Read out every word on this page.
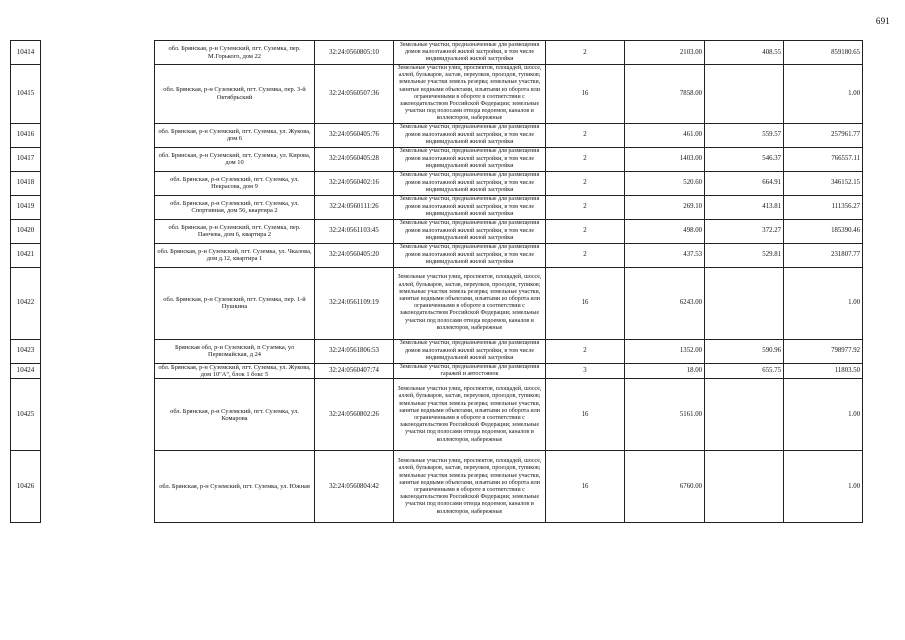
691
10414		обл. Брянская, р-н Суземский, пгт. Суземка, пер. М.Горького, дом 22	32:24:0560805:10	Земельные участки, предназначенные для размещения домов малоэтажной жилой застройки, в том числе индивидуальной жилой застройки	2	2103.00	408.55	859180.65
10415		обл. Брянская, р-н Суземский, пгт. Суземка, пер. 3-й Октябрьский	32:24:0560507:36	Земельные участки улиц, проспектов, площадей, шоссе, аллей, бульваров, застав, переулков, проездов, тупиков; земельные участки земель резерва; земельные участки, занятые водными объектами, изъятыми из оборота или ограниченными в обороте в соответствии с законодательством Российской Федерации; земельные участки под полосами отвода водоемов, каналов и коллекторов, набережные	16	7858.00		1.00
10416		обл. Брянская, р-н Суземский, пгт. Суземка, ул. Жукова, дом 6	32:24:0560405:76	Земельные участки, предназначенные для размещения домов малоэтажной жилой застройки, в том числе индивидуальной жилой застройки	2	461.00	559.57	257961.77
10417		обл. Брянская, р-н Суземский, пгт. Суземка, ул. Кирова, дом 10	32:24:0560405:28	Земельные участки, предназначенные для размещения домов малоэтажной жилой застройки, в том числе индивидуальной жилой застройки	2	1403.00	546.37	766557.11
10418		обл. Брянская, р-н Суземский, пгт. Суземка, ул. Некрасова, дом 9	32:24:0560402:16	Земельные участки, предназначенные для размещения домов малоэтажной жилой застройки, в том числе индивидуальной жилой застройки	2	520.60	664.91	346152.15
10419		обл. Брянская, р-н Суземский, пгт. Суземка, ул. Спортивная, дом 56, квартира 2	32:24:0560111:26	Земельные участки, предназначенные для размещения домов малоэтажной жилой застройки, в том числе индивидуальной жилой застройки	2	269.10	413.81	111356.27
10420		обл. Брянская, р-н Суземский, пгт. Суземка, пер. Панчева, дом 6, квартира 2	32:24:0561103:45	Земельные участки, предназначенные для размещения домов малоэтажной жилой застройки, в том числе индивидуальной жилой застройки	2	498.00	372.27	185390.46
10421		обл. Брянская, р-н Суземский, пгт. Суземка, ул. Чкалова, дом д.12, квартира 1	32:24:0560405:20	Земельные участки, предназначенные для размещения домов малоэтажной жилой застройки, в том числе индивидуальной жилой застройки	2	437.53	529.81	231807.77
10422		обл. Брянская, р-н Суземский, пгт. Суземка, пер. 1-й Пушкина	32:24:0561109:19	Земельные участки улиц, проспектов, площадей, шоссе, аллей, бульваров, застав, переулков, проездов, тупиков; земельные участки земель резерва; земельные участки, занятые водными объектами, изъятыми из оборота или ограниченными в обороте в соответствии с законодательством Российской Федерации; земельные участки под полосами отвода водоемов, каналов и коллекторов, набережные	16	6243.00		1.00
10423		Брянская обл, р-н Суземский, п Суземка, ул Первомайская, д 24	32:24:0561806:53	Земельные участки, предназначенные для размещения домов малоэтажной жилой застройки, в том числе индивидуальной жилой застройки	2	1352.00	590.96	798977.92
10424		обл. Брянская, р-н Суземский, пгт. Суземка, ул. Жукова, дом 10"А", блок 1 бокс 5	32:24:0560407:74	Земельные участки, предназначенные для размещения гаражей и автостоянок	3	18.00	655.75	11803.50
10425		обл. Брянская, р-н Суземский, пгт. Суземка, ул. Комарова	32:24:0560802:26	Земельные участки улиц, проспектов, площадей, шоссе, аллей, бульваров, застав, переулков, проездов, тупиков; земельные участки земель резерва; земельные участки, занятые водными объектами, изъятыми из оборота или ограниченными в обороте в соответствии с законодательством Российской Федерации; земельные участки под полосами отвода водоемов, каналов и коллекторов, набережные	16	5161.00		1.00
10426		обл. Брянская, р-н Суземский, пгт. Суземка, ул. Южная	32:24:0560804:42	Земельные участки улиц, проспектов, площадей, шоссе, аллей, бульваров, застав, переулков, проездов, тупиков; земельные участки земель резерва; земельные участки, занятые водными объектами, изъятыми из оборота или ограниченными в обороте в соответствии с законодательством Российской Федерации; земельные участки под полосами отвода водоемов, каналов и коллекторов, набережные	16	6760.00		1.00
